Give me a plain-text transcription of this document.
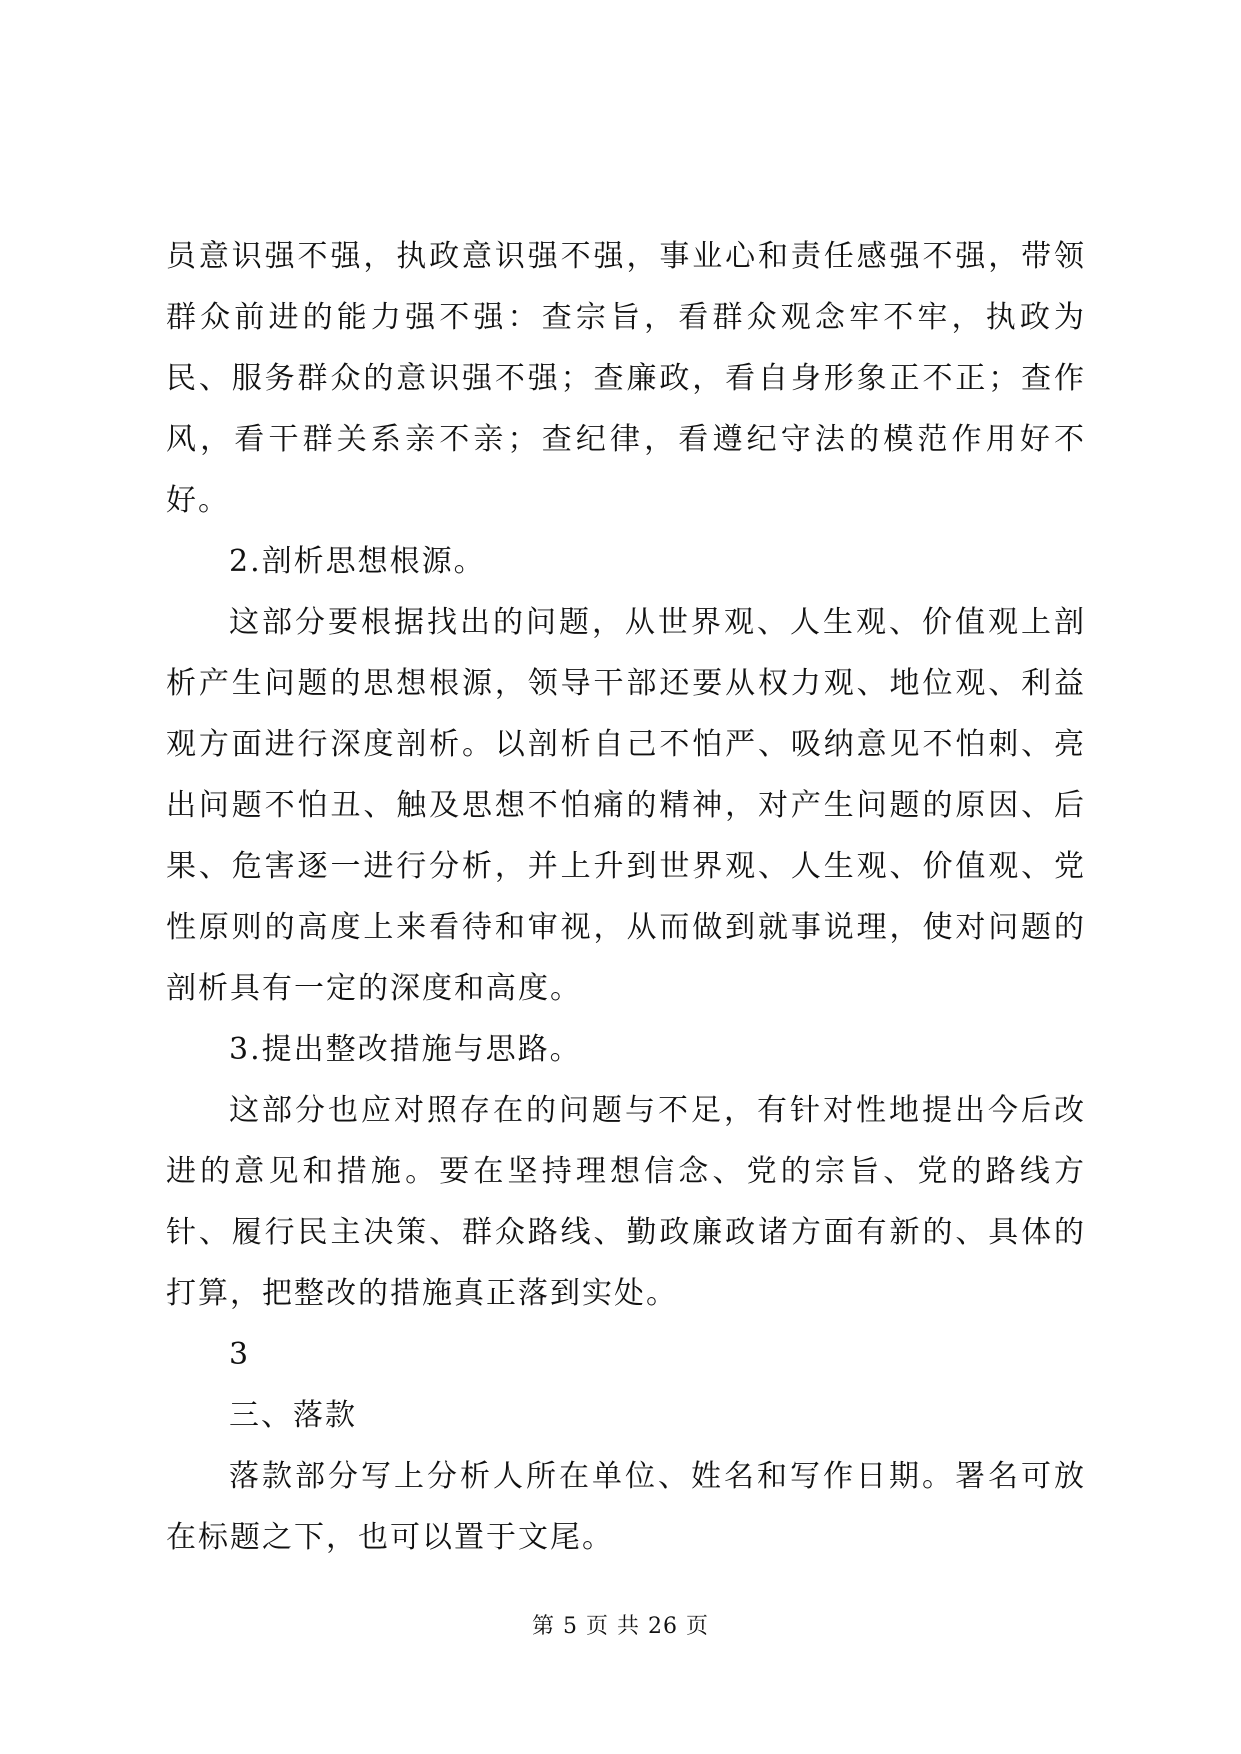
员意识强不强，执政意识强不强，事业心和责任感强不强，带领群众前进的能力强不强：查宗旨，看群众观念牢不牢，执政为民、服务群众的意识强不强；查廉政，看自身形象正不正；查作风，看干群关系亲不亲；查纪律，看遵纪守法的模范作用好不好。

2.剖析思想根源。

这部分要根据找出的问题，从世界观、人生观、价值观上剖析产生问题的思想根源，领导干部还要从权力观、地位观、利益观方面进行深度剖析。以剖析自己不怕严、吸纳意见不怕刺、亮出问题不怕丑、触及思想不怕痛的精神，对产生问题的原因、后果、危害逐一进行分析，并上升到世界观、人生观、价值观、党性原则的高度上来看待和审视，从而做到就事说理，使对问题的剖析具有一定的深度和高度。

3.提出整改措施与思路。

这部分也应对照存在的问题与不足，有针对性地提出今后改进的意见和措施。要在坚持理想信念、党的宗旨、党的路线方针、履行民主决策、群众路线、勤政廉政诸方面有新的、具体的打算，把整改的措施真正落到实处。

3

三、落款

落款部分写上分析人所在单位、姓名和写作日期。署名可放在标题之下，也可以置于文尾。

第 5 页 共 26 页
